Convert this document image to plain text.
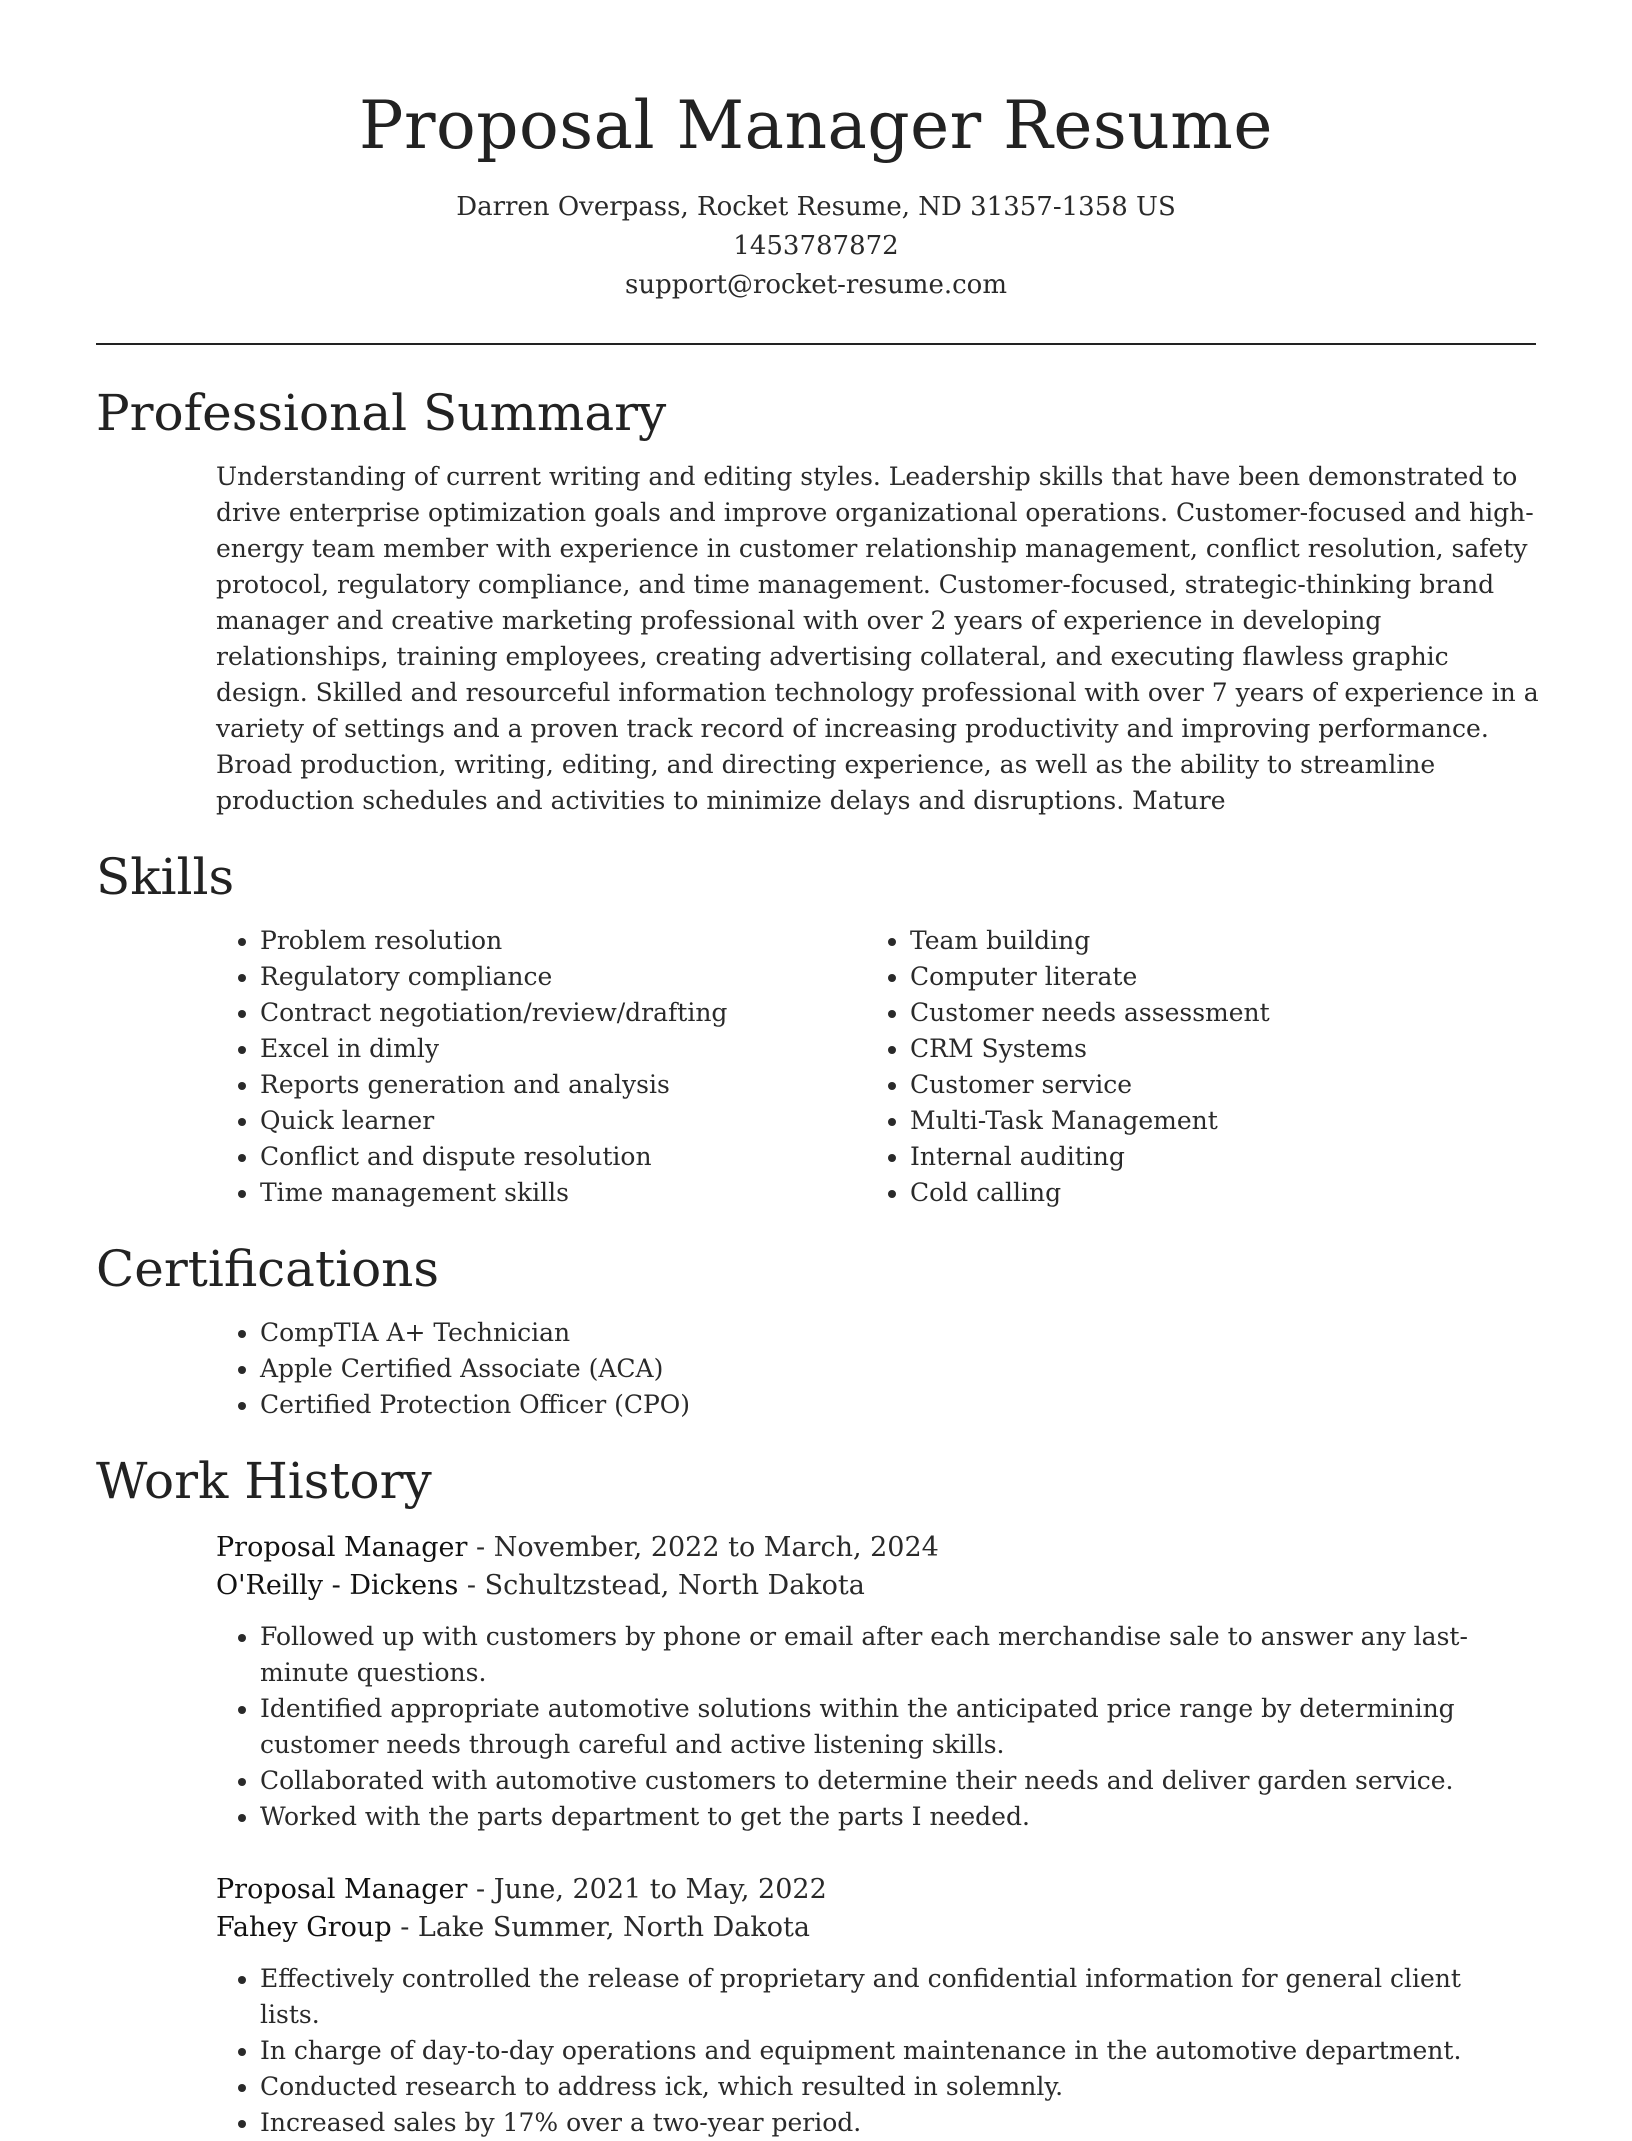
Proposal Manager Resume
Darren Overpass, Rocket Resume, ND 31357-1358 US
1453787872
support@rocket-resume.com
Professional Summary
Understanding of current writing and editing styles. Leadership skills that have been demonstrated to drive enterprise optimization goals and improve organizational operations. Customer-focused and high-energy team member with experience in customer relationship management, conflict resolution, safety protocol, regulatory compliance, and time management. Customer-focused, strategic-thinking brand manager and creative marketing professional with over 2 years of experience in developing relationships, training employees, creating advertising collateral, and executing flawless graphic design. Skilled and resourceful information technology professional with over 7 years of experience in a variety of settings and a proven track record of increasing productivity and improving performance. Broad production, writing, editing, and directing experience, as well as the ability to streamline production schedules and activities to minimize delays and disruptions. Mature
Skills
• Problem resolution
• Regulatory compliance
• Contract negotiation/review/drafting
• Excel in dimly
• Reports generation and analysis
• Quick learner
• Conflict and dispute resolution
• Time management skills
• Team building
• Computer literate
• Customer needs assessment
• CRM Systems
• Customer service
• Multi-Task Management
• Internal auditing
• Cold calling
Certifications
• CompTIA A+ Technician
• Apple Certified Associate (ACA)
• Certified Protection Officer (CPO)
Work History
Proposal Manager - November, 2022 to March, 2024
O'Reilly - Dickens - Schultzstead, North Dakota
• Followed up with customers by phone or email after each merchandise sale to answer any last-minute questions.
• Identified appropriate automotive solutions within the anticipated price range by determining customer needs through careful and active listening skills.
• Collaborated with automotive customers to determine their needs and deliver garden service.
• Worked with the parts department to get the parts I needed.
Proposal Manager - June, 2021 to May, 2022
Fahey Group - Lake Summer, North Dakota
• Effectively controlled the release of proprietary and confidential information for general client lists.
• In charge of day-to-day operations and equipment maintenance in the automotive department.
• Conducted research to address ick, which resulted in solemnly.
• Increased sales by 17% over a two-year period.
